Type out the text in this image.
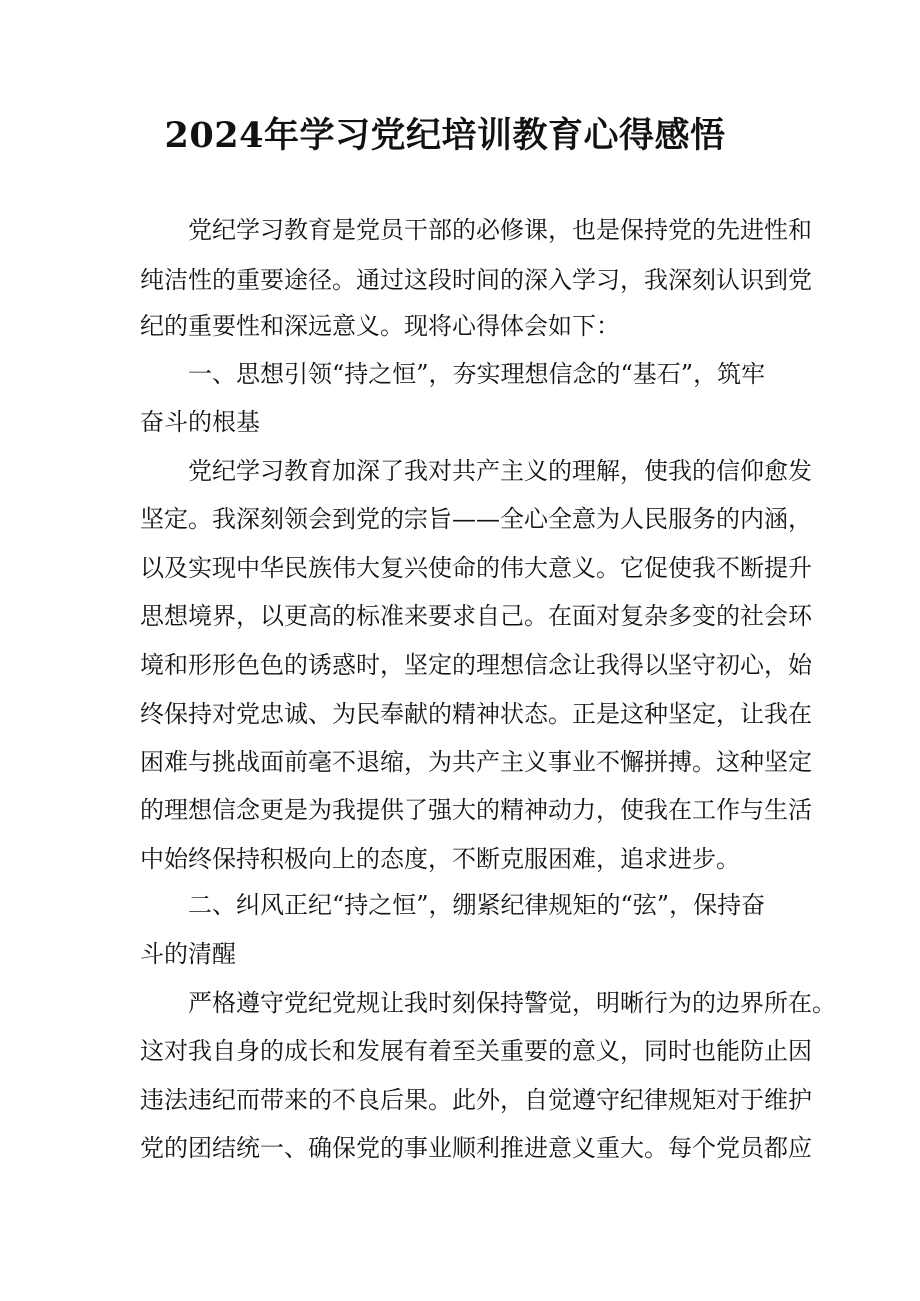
2024年学习党纪培训教育心得感悟
党纪学习教育是党员干部的必修课，也是保持党的先进性和
纯洁性的重要途径。通过这段时间的深入学习，我深刻认识到党
纪的重要性和深远意义。现将心得体会如下：
一、思想引领“持之恒”，夯实理想信念的“基石”，筑牢
奋斗的根基
党纪学习教育加深了我对共产主义的理解，使我的信仰愈发
坚定。我深刻领会到党的宗旨——全心全意为人民服务的内涵，
以及实现中华民族伟大复兴使命的伟大意义。它促使我不断提升
思想境界，以更高的标准来要求自己。在面对复杂多变的社会环
境和形形色色的诱惑时，坚定的理想信念让我得以坚守初心，始
终保持对党忠诚、为民奉献的精神状态。正是这种坚定，让我在
困难与挑战面前毫不退缩，为共产主义事业不懈拼搏。这种坚定
的理想信念更是为我提供了强大的精神动力，使我在工作与生活
中始终保持积极向上的态度，不断克服困难，追求进步。
二、纠风正纪“持之恒”，绷紧纪律规矩的“弦”，保持奋
斗的清醒
严格遵守党纪党规让我时刻保持警觉，明晰行为的边界所在。
这对我自身的成长和发展有着至关重要的意义，同时也能防止因
违法违纪而带来的不良后果。此外，自觉遵守纪律规矩对于维护
党的团结统一、确保党的事业顺利推进意义重大。每个党员都应
